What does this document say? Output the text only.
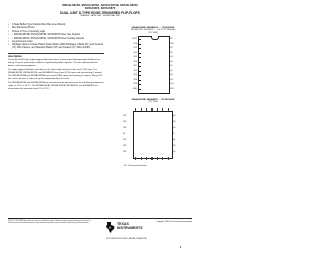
SN54ALS874B, SN54ALS876A, SN74ALS874B, SN74ALS876A
SN74AS874, SN74AS876
DUAL 4-BIT D-TYPE EDGE-TRIGGERED FLIP-FLOPS
SDAS041B – APRIL 1982 – REVISED MAY 1986
• 3-State Buffer-Type Outputs Drive Bus Lines Directly
• Bus-Structured Pinout
• Choice of True or Inverting Logic
• – SN54ALS874B, SN74ALS874B, SN74AS874 Have True Outputs
• – SN54ALS876A, SN74ALS876A, SN74AS876 Have Inverting Outputs
• Asynchronous Clear
• Package Options Include Plastic Small-Outline (DW) Packages, Plastic (NT) and Ceramic (JT) Chip Carriers, and Standard Plastic (NT) and Ceramic (JT) 300-mil DIPs
description

These dual 4-bit D-type edge-triggered flip-flops feature 3-state outputs designed specifically for bus driving. They are particularly suitable for implementing buffer registers, I/O ports, bidirectional bus drivers, and working registers.

The edge-triggered flip-flops enter data on the low-to-high transition of the clock (CLK) input. The SN54ALS874B, SN74ALS874B, and SN74AS874 have clear (CLR) inputs and noninverting Q outputs. The SN54ALS876A and SN74ALS876A have preset (PRE) inputs and inverting Q outputs. Taking CLR low causes the four Q outputs to go low independently of the clock.

The SN54ALS874B and SN54ALS876A are characterized for operation over the full military temperature range of –55°C to 125°C. The SN74ALS874B, SN74ALS876A, SN74AS874, and SN74AS876 are characterized for operation from 0°C to 70°C.

SN54ALS874B, SN54AS874 . . . JT PACKAGE
SN74ALS874B, SN74AS874 . . . DW OR NT PACKAGE
(TOP VIEW)
1CLR
1OE
1D1
1D2
1D3
1D4
2D1
2D2
2D3
2D4
2OE
GND
VCC
1CLK
1Q1
1Q2
1Q3
1Q4
2Q1
2Q2
2Q3
2Q4
2CLK
2CLR
SN54ALS874B, SN54AS874 . . . FK PACKAGE
(TOP VIEW)
1D2
1D3
1D4
NC
2D1
2D2
2D3
1Q2
1Q3
1Q4
NC
2Q1
2Q2
2Q3
NC – No internal connection
PRODUCTION DATA information is current as of publication date. Products conform to specifications per the terms of Texas Instruments standard warranty. Production processing does not necessarily include testing of all parameters.
ti
TEXAS
INSTRUMENTS
Copyright © 1986, Texas Instruments Incorporated
POST OFFICE BOX 655303 • DALLAS, TEXAS 75265
1
